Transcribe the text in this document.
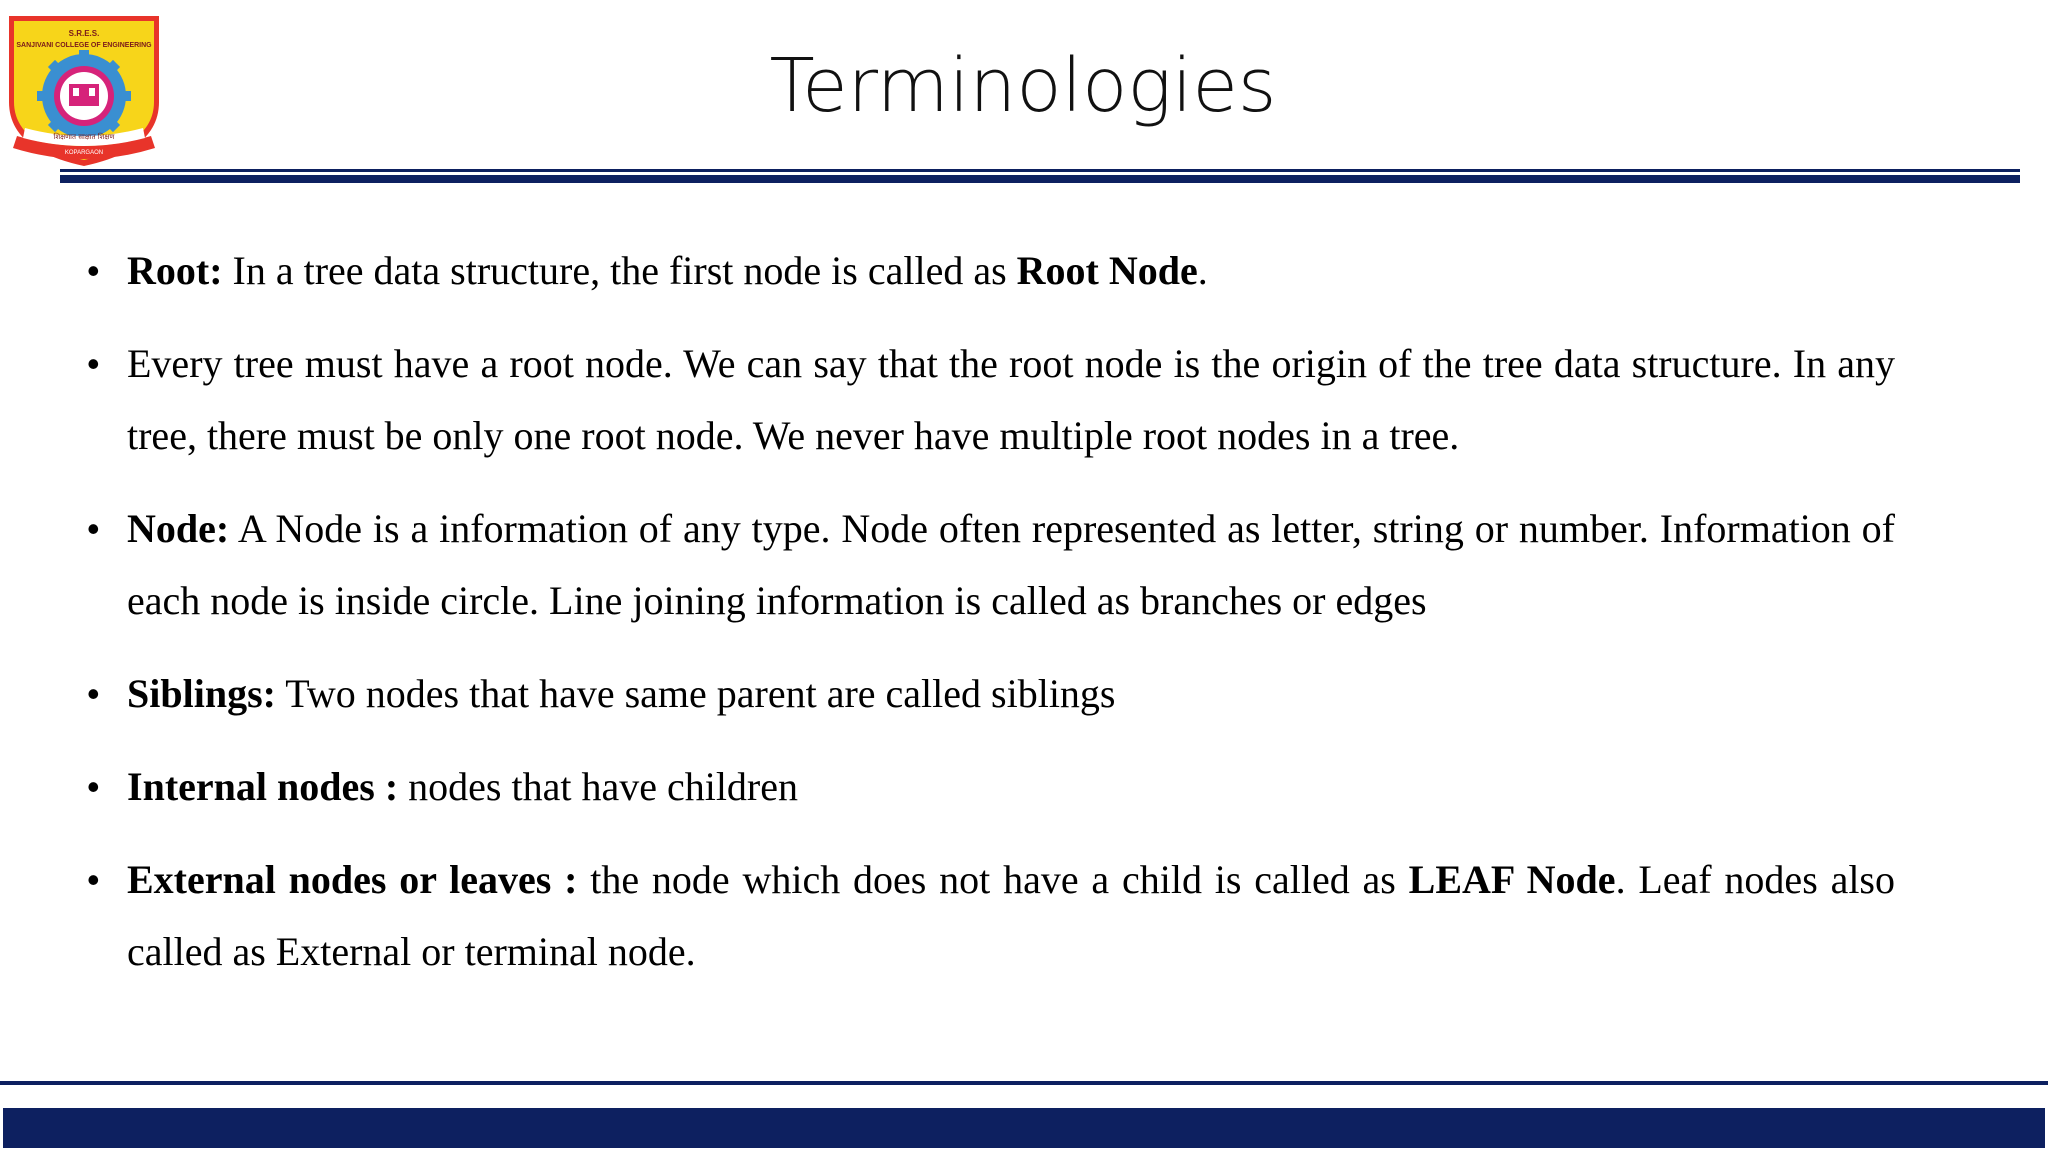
S.R.E.S.
SANJIVANI COLLEGE OF ENGINEERING
शिक्षणात साक्षात शिक्षण
KOPARGAON
Terminologies
• Root: In a tree data structure, the first node is called as Root Node.
• Every tree must have a root node. We can say that the root node is the origin of the tree data structure. In any tree, there must be only one root node. We never have multiple root nodes in a tree.
• Node: A Node is a information of any type. Node often represented as letter, string or number. Information of each node is inside circle. Line joining information is called as branches or edges
• Siblings: Two nodes that have same parent are called siblings
• Internal nodes : nodes that have children
• External nodes or leaves : the node which does not have a child is called as LEAF Node. Leaf nodes also called as External or terminal node.
